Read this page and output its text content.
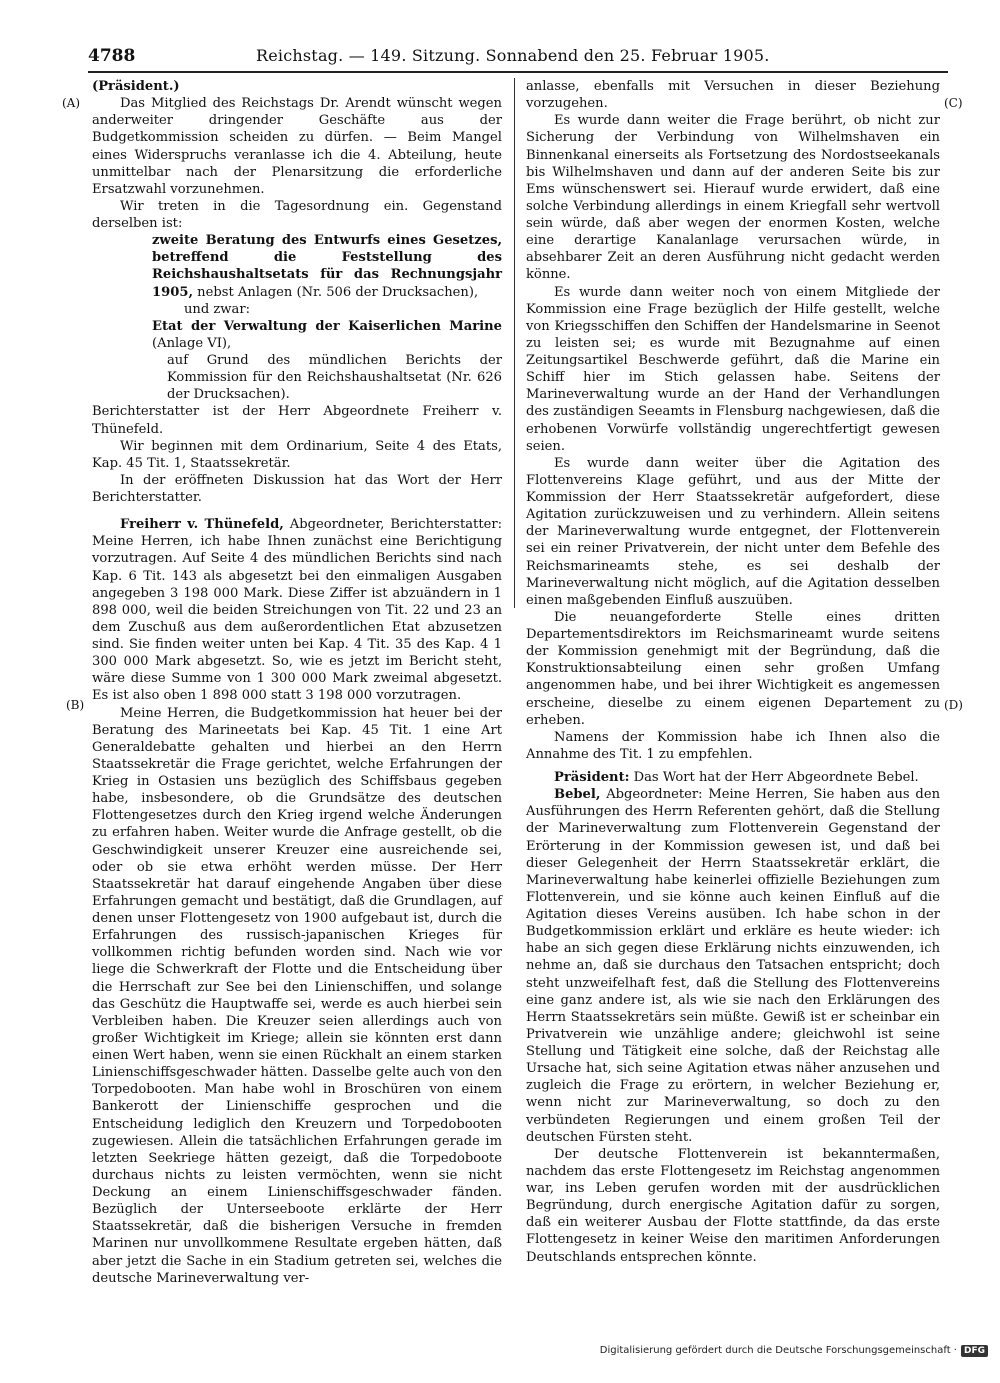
4788	Reichstag. — 149. Sitzung. Sonnabend den 25. Februar 1905.
(A)
(B)
(C)
(D)

(Präsident.)

Das Mitglied des Reichstags Dr. Arendt wünscht wegen anderweiter dringender Geschäfte aus der Budgetkommission scheiden zu dürfen. — Beim Mangel eines Widerspruchs veranlasse ich die 4. Abteilung, heute unmittelbar nach der Plenarsitzung die erforderliche Ersatzwahl vorzunehmen.

Wir treten in die Tagesordnung ein. Gegenstand derselben ist:

zweite Beratung des Entwurfs eines Gesetzes, betreffend die Feststellung des Reichshaushaltsetats für das Rechnungsjahr 1905, nebst Anlagen (Nr. 506 der Drucksachen),

und zwar:

Etat der Verwaltung der Kaiserlichen Marine (Anlage VI),

auf Grund des mündlichen Berichts der Kommission für den Reichshaushaltsetat (Nr. 626 der Drucksachen).

Berichterstatter ist der Herr Abgeordnete Freiherr v. Thünefeld.

Wir beginnen mit dem Ordinarium, Seite 4 des Etats, Kap. 45 Tit. 1, Staatssekretär.

In der eröffneten Diskussion hat das Wort der Herr Berichterstatter.

Freiherr v. Thünefeld, Abgeordneter, Berichterstatter: Meine Herren, ich habe Ihnen zunächst eine Berichtigung vorzutragen. Auf Seite 4 des mündlichen Berichts sind nach Kap. 6 Tit. 143 als abgesetzt bei den einmaligen Ausgaben angegeben 3 198 000 Mark. Diese Ziffer ist abzuändern in 1 898 000, weil die beiden Streichungen von Tit. 22 und 23 an dem Zuschuß aus dem außerordentlichen Etat abzusetzen sind. Sie finden weiter unten bei Kap. 4 Tit. 35 des Kap. 4 1 300 000 Mark abgesetzt. So, wie es jetzt im Bericht steht, wäre diese Summe von 1 300 000 Mark zweimal abgesetzt. Es ist also oben 1 898 000 statt 3 198 000 vorzutragen.

Meine Herren, die Budgetkommission hat heuer bei der Beratung des Marineetats bei Kap. 45 Tit. 1 eine Art Generaldebatte gehalten und hierbei an den Herrn Staatssekretär die Frage gerichtet, welche Erfahrungen der Krieg in Ostasien uns bezüglich des Schiffsbaus gegeben habe, insbesondere, ob die Grundsätze des deutschen Flottengesetzes durch den Krieg irgend welche Änderungen zu erfahren haben. Weiter wurde die Anfrage gestellt, ob die Geschwindigkeit unserer Kreuzer eine ausreichende sei, oder ob sie etwa erhöht werden müsse. Der Herr Staatssekretär hat darauf eingehende Angaben über diese Erfahrungen gemacht und bestätigt, daß die Grundlagen, auf denen unser Flottengesetz von 1900 aufgebaut ist, durch die Erfahrungen des russisch-japanischen Krieges für vollkommen richtig befunden worden sind. Nach wie vor liege die Schwerkraft der Flotte und die Entscheidung über die Herrschaft zur See bei den Linienschiffen, und solange das Geschütz die Hauptwaffe sei, werde es auch hierbei sein Verbleiben haben. Die Kreuzer seien allerdings auch von großer Wichtigkeit im Kriege; allein sie könnten erst dann einen Wert haben, wenn sie einen Rückhalt an einem starken Linienschiffsgeschwader hätten. Dasselbe gelte auch von den Torpedobooten. Man habe wohl in Broschüren von einem Bankerott der Linienschiffe gesprochen und die Entscheidung lediglich den Kreuzern und Torpedobooten zugewiesen. Allein die tatsächlichen Erfahrungen gerade im letzten Seekriege hätten gezeigt, daß die Torpedoboote durchaus nichts zu leisten vermöchten, wenn sie nicht Deckung an einem Linienschiffsgeschwader fänden. Bezüglich der Unterseeboote erklärte der Herr Staatssekretär, daß die bisherigen Versuche in fremden Marinen nur unvollkommene Resultate ergeben hätten, daß aber jetzt die Sache in ein Stadium getreten sei, welches die deutsche Marineverwaltung ver-

anlasse, ebenfalls mit Versuchen in dieser Beziehung vorzugehen.

Es wurde dann weiter die Frage berührt, ob nicht zur Sicherung der Verbindung von Wilhelmshaven ein Binnenkanal einerseits als Fortsetzung des Nordostseekanals bis Wilhelmshaven und dann auf der anderen Seite bis zur Ems wünschenswert sei. Hierauf wurde erwidert, daß eine solche Verbindung allerdings in einem Kriegfall sehr wertvoll sein würde, daß aber wegen der enormen Kosten, welche eine derartige Kanalanlage verursachen würde, in absehbarer Zeit an deren Ausführung nicht gedacht werden könne.

Es wurde dann weiter noch von einem Mitgliede der Kommission eine Frage bezüglich der Hilfe gestellt, welche von Kriegsschiffen den Schiffen der Handelsmarine in Seenot zu leisten sei; es wurde mit Bezugnahme auf einen Zeitungsartikel Beschwerde geführt, daß die Marine ein Schiff hier im Stich gelassen habe. Seitens der Marineverwaltung wurde an der Hand der Verhandlungen des zuständigen Seeamts in Flensburg nachgewiesen, daß die erhobenen Vorwürfe vollständig ungerechtfertigt gewesen seien.

Es wurde dann weiter über die Agitation des Flottenvereins Klage geführt, und aus der Mitte der Kommission der Herr Staatssekretär aufgefordert, diese Agitation zurückzuweisen und zu verhindern. Allein seitens der Marineverwaltung wurde entgegnet, der Flottenverein sei ein reiner Privatverein, der nicht unter dem Befehle des Reichsmarineamts stehe, es sei deshalb der Marineverwaltung nicht möglich, auf die Agitation desselben einen maßgebenden Einfluß auszuüben.

Die neuangeforderte Stelle eines dritten Departementsdirektors im Reichsmarineamt wurde seitens der Kommission genehmigt mit der Begründung, daß die Konstruktionsabteilung einen sehr großen Umfang angenommen habe, und bei ihrer Wichtigkeit es angemessen erscheine, dieselbe zu einem eigenen Departement zu erheben.

Namens der Kommission habe ich Ihnen also die Annahme des Tit. 1 zu empfehlen.

Präsident: Das Wort hat der Herr Abgeordnete Bebel.

Bebel, Abgeordneter: Meine Herren, Sie haben aus den Ausführungen des Herrn Referenten gehört, daß die Stellung der Marineverwaltung zum Flottenverein Gegenstand der Erörterung in der Kommission gewesen ist, und daß bei dieser Gelegenheit der Herrn Staatssekretär erklärt, die Marineverwaltung habe keinerlei offizielle Beziehungen zum Flottenverein, und sie könne auch keinen Einfluß auf die Agitation dieses Vereins ausüben. Ich habe schon in der Budgetkommission erklärt und erkläre es heute wieder: ich habe an sich gegen diese Erklärung nichts einzuwenden, ich nehme an, daß sie durchaus den Tatsachen entspricht; doch steht unzweifelhaft fest, daß die Stellung des Flottenvereins eine ganz andere ist, als wie sie nach den Erklärungen des Herrn Staatssekretärs sein müßte. Gewiß ist er scheinbar ein Privatverein wie unzählige andere; gleichwohl ist seine Stellung und Tätigkeit eine solche, daß der Reichstag alle Ursache hat, sich seine Agitation etwas näher anzusehen und zugleich die Frage zu erörtern, in welcher Beziehung er, wenn nicht zur Marineverwaltung, so doch zu den verbündeten Regierungen und einem großen Teil der deutschen Fürsten steht.

Der deutsche Flottenverein ist bekanntermaßen, nachdem das erste Flottengesetz im Reichstag angenommen war, ins Leben gerufen worden mit der ausdrücklichen Begründung, durch energische Agitation dafür zu sorgen, daß ein weiterer Ausbau der Flotte stattfinde, da das erste Flottengesetz in keiner Weise den maritimen Anforderungen Deutschlands entsprechen könnte.

Digitalisierung gefördert durch die Deutsche Forschungsgemeinschaft · DFG
